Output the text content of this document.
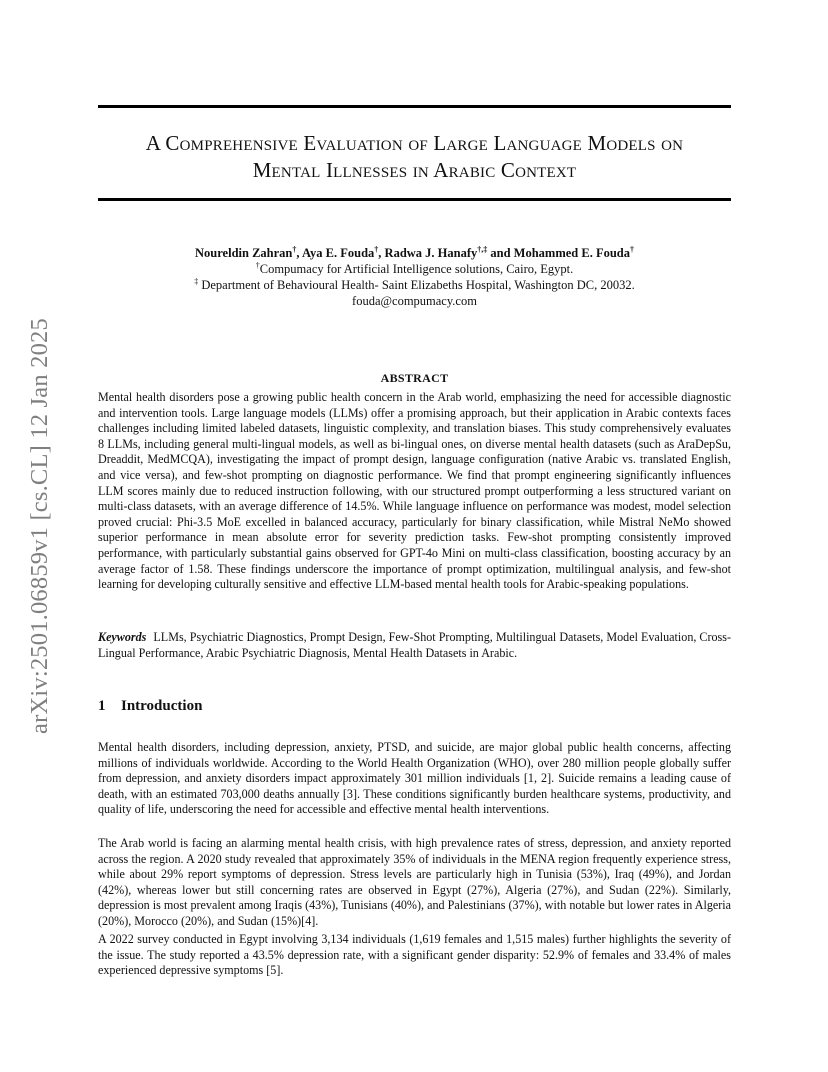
arXiv:2501.06859v1 [cs.CL] 12 Jan 2025
A Comprehensive Evaluation of Large Language Models on
Mental Illnesses in Arabic Context
Noureldin Zahran†, Aya E. Fouda†, Radwa J. Hanafy†,‡ and Mohammed E. Fouda†
†Compumacy for Artificial Intelligence solutions, Cairo, Egypt.
‡ Department of Behavioural Health- Saint Elizabeths Hospital, Washington DC, 20032.
fouda@compumacy.com
ABSTRACT
Mental health disorders pose a growing public health concern in the Arab world, emphasizing the need for accessible diagnostic and intervention tools. Large language models (LLMs) offer a promising approach, but their application in Arabic contexts faces challenges including limited labeled datasets, linguistic complexity, and translation biases. This study comprehensively evaluates 8 LLMs, including general multi-lingual models, as well as bi-lingual ones, on diverse mental health datasets (such as AraDepSu, Dreaddit, MedMCQA), investigating the impact of prompt design, language configuration (native Arabic vs. translated English, and vice versa), and few-shot prompting on diagnostic performance. We find that prompt engineering significantly influences LLM scores mainly due to reduced instruction following, with our structured prompt outperforming a less structured variant on multi-class datasets, with an average difference of 14.5%. While language influence on performance was modest, model selection proved crucial: Phi-3.5 MoE excelled in balanced accuracy, particularly for binary classification, while Mistral NeMo showed superior performance in mean absolute error for severity prediction tasks. Few-shot prompting consistently improved performance, with particularly substantial gains observed for GPT-4o Mini on multi-class classification, boosting accuracy by an average factor of 1.58. These findings underscore the importance of prompt optimization, multilingual analysis, and few-shot learning for developing culturally sensitive and effective LLM-based mental health tools for Arabic-speaking populations.
Keywords LLMs, Psychiatric Diagnostics, Prompt Design, Few-Shot Prompting, Multilingual Datasets, Model Evaluation, Cross-Lingual Performance, Arabic Psychiatric Diagnosis, Mental Health Datasets in Arabic.
1 Introduction
Mental health disorders, including depression, anxiety, PTSD, and suicide, are major global public health concerns, affecting millions of individuals worldwide. According to the World Health Organization (WHO), over 280 million people globally suffer from depression, and anxiety disorders impact approximately 301 million individuals [1, 2]. Suicide remains a leading cause of death, with an estimated 703,000 deaths annually [3]. These conditions significantly burden healthcare systems, productivity, and quality of life, underscoring the need for accessible and effective mental health interventions.
The Arab world is facing an alarming mental health crisis, with high prevalence rates of stress, depression, and anxiety reported across the region. A 2020 study revealed that approximately 35% of individuals in the MENA region frequently experience stress, while about 29% report symptoms of depression. Stress levels are particularly high in Tunisia (53%), Iraq (49%), and Jordan (42%), whereas lower but still concerning rates are observed in Egypt (27%), Algeria (27%), and Sudan (22%). Similarly, depression is most prevalent among Iraqis (43%), Tunisians (40%), and Palestinians (37%), with notable but lower rates in Algeria (20%), Morocco (20%), and Sudan (15%)[4].
A 2022 survey conducted in Egypt involving 3,134 individuals (1,619 females and 1,515 males) further highlights the severity of the issue. The study reported a 43.5% depression rate, with a significant gender disparity: 52.9% of females and 33.4% of males experienced depressive symptoms [5].
